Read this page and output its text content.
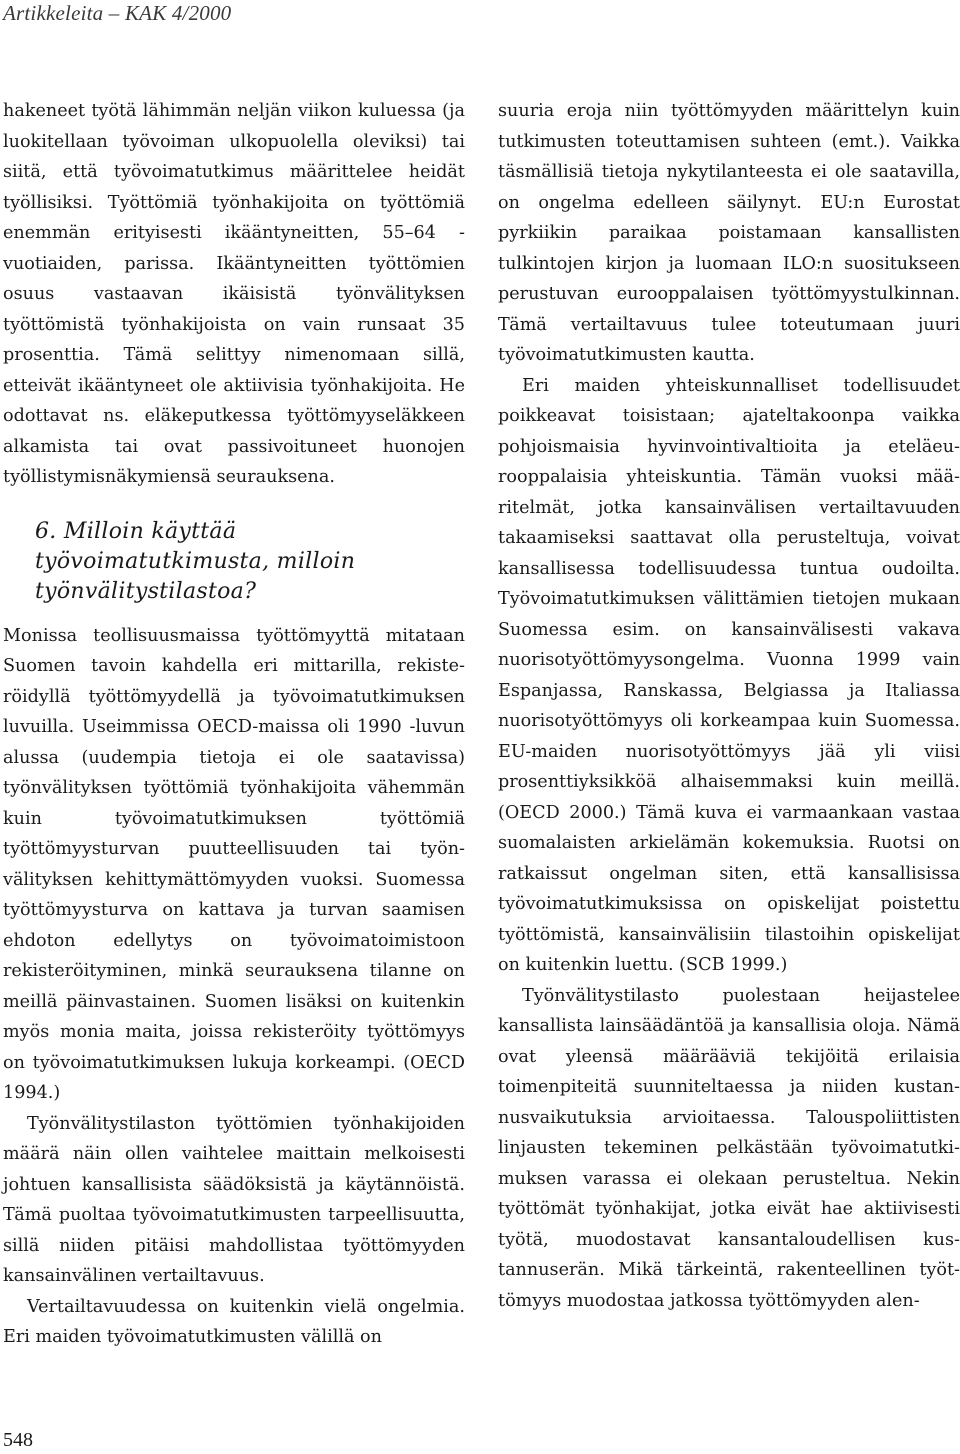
Artikkeleita – KAK 4/2000

hakeneet työtä lähimmän neljän viikon kuluessa (ja luokitellaan työvoiman ulkopuolella oleviksi) tai siitä, että työvoimatutkimus määrittelee heidät työllisiksi. Työttömiä työnhakijoita on työttömiä enemmän erityisesti ikääntyneitten, 55–64 -vuotiaiden, parissa. Ikääntyneitten työttömien osuus vastaavan ikäisistä työnvälityksen työttömistä työnhakijoista on vain runsaat 35 prosenttia. Tämä selittyy nimenomaan sillä, etteivät ikääntyneet ole aktiivisia työnhakijoita. He odottavat ns. eläkeputkessa työttömyyseläkkeen alkamista tai ovat passivoituneet huonojen työllistymisnäkymiensä seurauksena.

6. Milloin käyttää työvoimatutkimusta, milloin työnvälitystilastoa?

Monissa teollisuusmaissa työttömyyttä mitataan Suomen tavoin kahdella eri mittarilla, rekisteröidyllä työttömyydellä ja työvoimatutkimuksen luvuilla. Useimmissa OECD-maissa oli 1990 -luvun alussa (uudempia tietoja ei ole saatavissa) työnvälityksen työttömiä työnhakijoita vähemmän kuin työvoimatutkimuksen työttömiä työttömyysturvan puutteellisuuden tai työnvälityksen kehittymättömyyden vuoksi. Suomessa työttömyysturva on kattava ja turvan saamisen ehdoton edellytys on työvoimatoimistoon rekisteröityminen, minkä seurauksena tilanne on meillä päinvastainen. Suomen lisäksi on kuitenkin myös monia maita, joissa rekisteröity työttömyys on työvoimatutkimuksen lukuja korkeampi. (OECD 1994.)

Työnvälitystilaston työttömien työnhakijoiden määrä näin ollen vaihtelee maittain melkoisesti johtuen kansallisista säädöksistä ja käytännöistä. Tämä puoltaa työvoimatutkimusten tarpeellisuutta, sillä niiden pitäisi mahdollistaa työttömyyden kansainvälinen vertailtavuus.

Vertailtavuudessa on kuitenkin vielä ongelmia. Eri maiden työvoimatutkimusten välillä on

suuria eroja niin työttömyyden määrittelyn kuin tutkimusten toteuttamisen suhteen (emt.). Vaikka täsmällisiä tietoja nykytilanteesta ei ole saatavilla, on ongelma edelleen säilynyt. EU:n Eurostat pyrkiikin paraikaa poistamaan kansallisten tulkintojen kirjon ja luomaan ILO:n suositukseen perustuvan eurooppalaisen työttömyystulkinnan. Tämä vertailtavuus tulee toteutumaan juuri työvoimatutkimusten kautta.

Eri maiden yhteiskunnalliset todellisuudet poikkeavat toisistaan; ajateltakoonpa vaikka pohjoismaisia hyvinvointivaltioita ja eteläeurooppalaisia yhteiskuntia. Tämän vuoksi määritelmät, jotka kansainvälisen vertailtavuuden takaamiseksi saattavat olla perusteltuja, voivat kansallisessa todellisuudessa tuntua oudoilta. Työvoimatutkimuksen välittämien tietojen mukaan Suomessa esim. on kansainvälisesti vakava nuorisotyöttömyysongelma. Vuonna 1999 vain Espanjassa, Ranskassa, Belgiassa ja Italiassa nuorisotyöttömyys oli korkeampaa kuin Suomessa. EU-maiden nuorisotyöttömyys jää yli viisi prosenttiyksikköä alhaisemmaksi kuin meillä. (OECD 2000.) Tämä kuva ei varmaankaan vastaa suomalaisten arkielämän kokemuksia. Ruotsi on ratkaissut ongelman siten, että kansallisissa työvoimatutkimuksissa on opiskelijat poistettu työttömistä, kansainvälisiin tilastoihin opiskelijat on kuitenkin luettu. (SCB 1999.)

Työnvälitystilasto puolestaan heijastelee kansallista lainsäädäntöä ja kansallisia oloja. Nämä ovat yleensä määrääviä tekijöitä erilaisia toimenpiteitä suunniteltaessa ja niiden kustannusvaikutuksia arvioitaessa. Talouspoliittisten linjausten tekeminen pelkästään työvoimatutkimuksen varassa ei olekaan perusteltua. Nekin työttömät työnhakijat, jotka eivät hae aktiivisesti työtä, muodostavat kansantaloudellisen kustannuserän. Mikä tärkeintä, rakenteellinen työttömyys muodostaa jatkossa työttömyyden alen-

548
